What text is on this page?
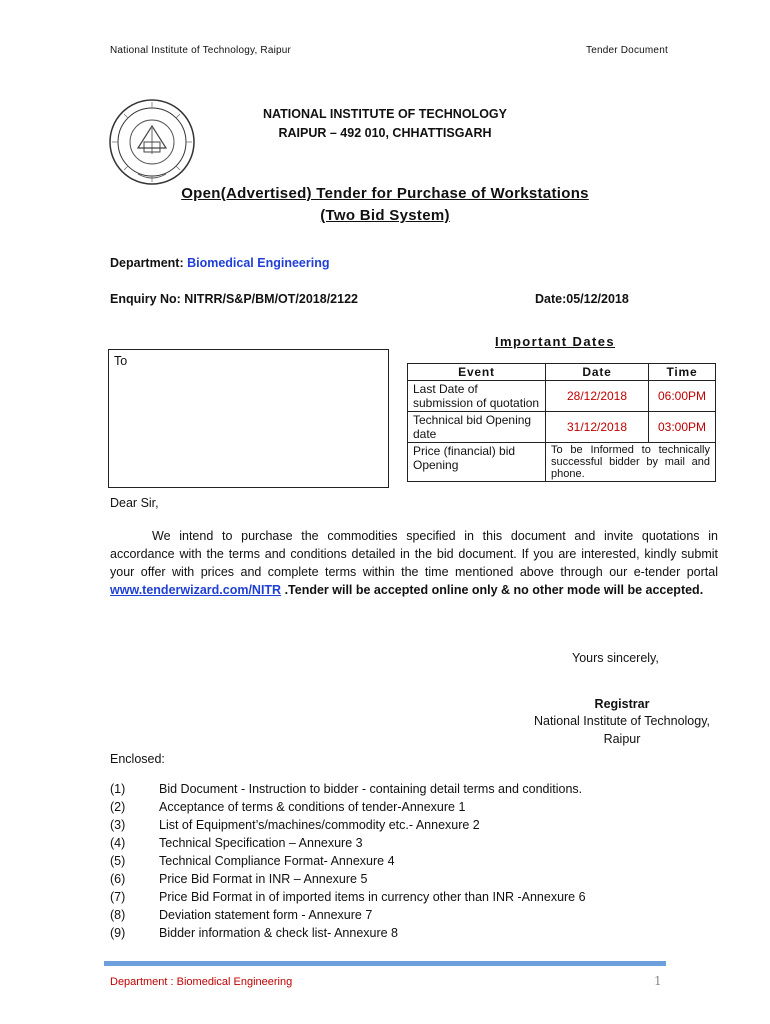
National Institute of Technology, Raipur	Tender Document
NATIONAL INSTITUTE OF TECHNOLOGY
RAIPUR – 492 010, CHHATTISGARH
Open(Advertised) Tender for Purchase of Workstations
(Two Bid System)
Department: Biomedical Engineering
Enquiry No: NITRR/S&P/BM/OT/2018/2122	Date:05/12/2018
Important Dates
To
Event	Date	Time
Last Date of submission of quotation	28/12/2018	06:00PM
Technical bid Opening date	31/12/2018	03:00PM
Price (financial) bid Opening	To be Informed to technically successful bidder by mail and phone.	
Dear Sir,
We intend to purchase the commodities specified in this document and invite quotations in accordance with the terms and conditions detailed in the bid document. If you are interested, kindly submit your offer with prices and complete terms within the time mentioned above through our e-tender portal www.tenderwizard.com/NITR .Tender will be accepted online only & no other mode will be accepted.
Yours sincerely,
Registrar
National Institute of Technology,
Raipur
Enclosed:
(1)	Bid Document - Instruction to bidder - containing detail terms and conditions.
(2)	Acceptance of terms & conditions of tender-Annexure 1
(3)	List of Equipment’s/machines/commodity etc.- Annexure 2
(4)	Technical Specification – Annexure 3
(5)	Technical Compliance Format- Annexure 4
(6)	Price Bid Format in INR – Annexure 5
(7)	Price Bid Format in of imported items in currency other than INR -Annexure 6
(8)	Deviation statement form - Annexure 7
(9)	Bidder information & check list- Annexure 8
Department : Biomedical Engineering	1
